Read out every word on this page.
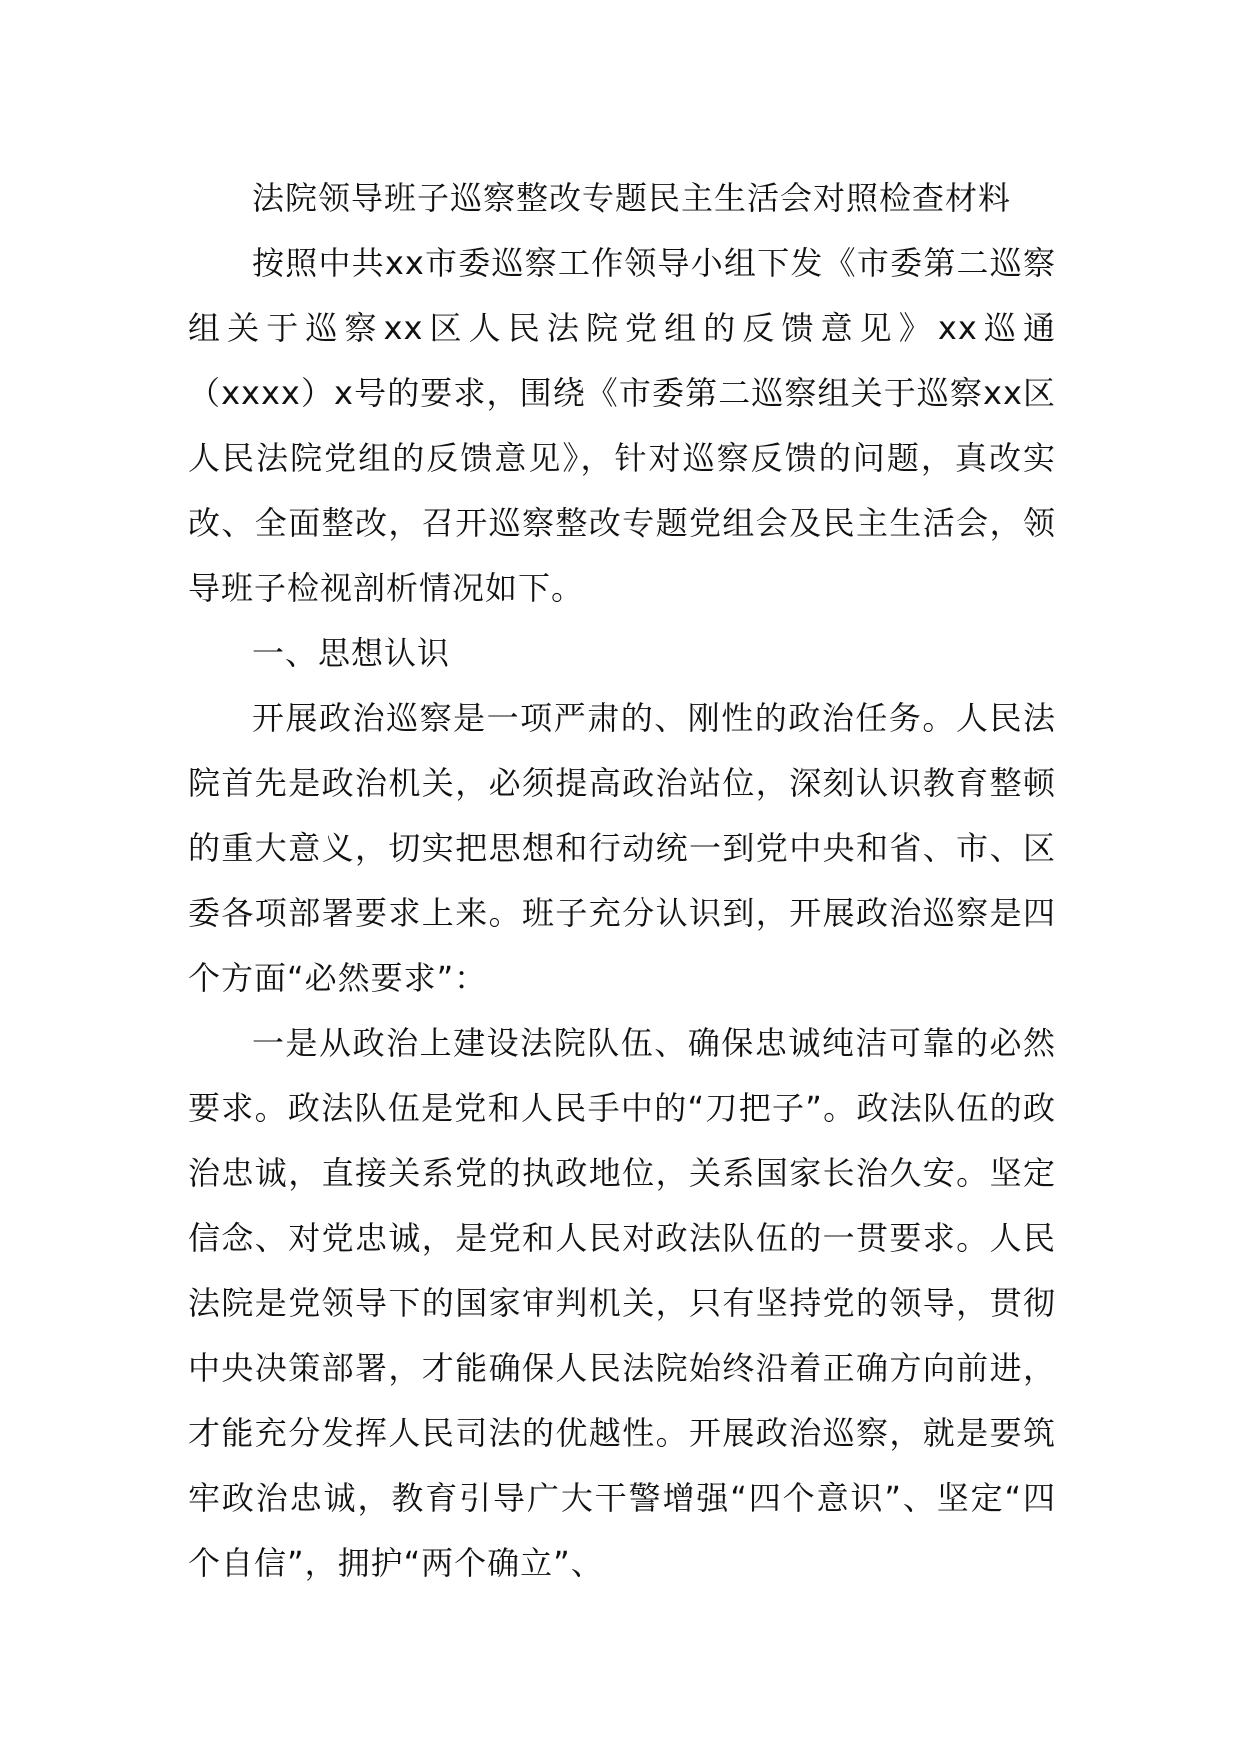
法院领导班子巡察整改专题民主生活会对照检查材料

按照中共xx市委巡察工作领导小组下发《市委第二巡察组关于巡察xx区人民法院党组的反馈意见》xx巡通（xxxx）x号的要求，围绕《市委第二巡察组关于巡察xx区人民法院党组的反馈意见》，针对巡察反馈的问题，真改实改、全面整改，召开巡察整改专题党组会及民主生活会，领导班子检视剖析情况如下。

一、思想认识

开展政治巡察是一项严肃的、刚性的政治任务。人民法院首先是政治机关，必须提高政治站位，深刻认识教育整顿的重大意义，切实把思想和行动统一到党中央和省、市、区委各项部署要求上来。班子充分认识到，开展政治巡察是四个方面“必然要求”：

一是从政治上建设法院队伍、确保忠诚纯洁可靠的必然要求。政法队伍是党和人民手中的“刀把子”。政法队伍的政治忠诚，直接关系党的执政地位，关系国家长治久安。坚定信念、对党忠诚，是党和人民对政法队伍的一贯要求。人民法院是党领导下的国家审判机关，只有坚持党的领导，贯彻中央决策部署，才能确保人民法院始终沿着正确方向前进，才能充分发挥人民司法的优越性。开展政治巡察，就是要筑牢政治忠诚，教育引导广大干警增强“四个意识”、坚定“四个自信”，拥护“两个确立”、
